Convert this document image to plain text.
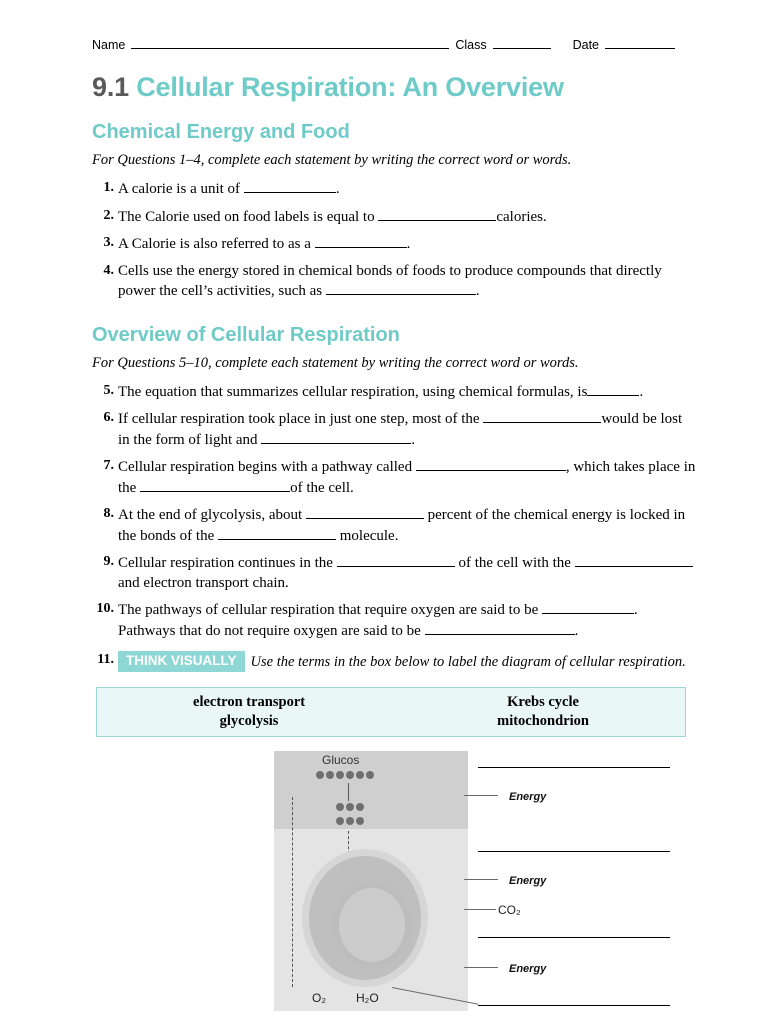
Name	Class	Date
9.1 Cellular Respiration: An Overview
Chemical Energy and Food
For Questions 1–4, complete each statement by writing the correct word or words.
1. A calorie is a unit of	.
2. The Calorie used on food labels is equal to	calories.
3. A Calorie is also referred to as a	.
4. Cells use the energy stored in chemical bonds of foods to produce compounds that directly power the cell’s activities, such as	.
Overview of Cellular Respiration
For Questions 5–10, complete each statement by writing the correct word or words.
5. The equation that summarizes cellular respiration, using chemical formulas, is	.
6. If cellular respiration took place in just one step, most of the	would be lost in the form of light and	.
7. Cellular respiration begins with a pathway called	, which takes place in the	of the cell.
8. At the end of glycolysis, about	percent of the chemical energy is locked in the bonds of the	molecule.
9. Cellular respiration continues in the	of the cell with the and electron transport chain.
10. The pathways of cellular respiration that require oxygen are said to be	. Pathways that do not require oxygen are said to be	.
11. THINK VISUALLY Use the terms in the box below to label the diagram of cellular respiration.
electron transport
glycolysis
Krebs cycle
mitochondrion
Glucos
O₂	H₂O
Energy
Energy
Energy
CO₂
